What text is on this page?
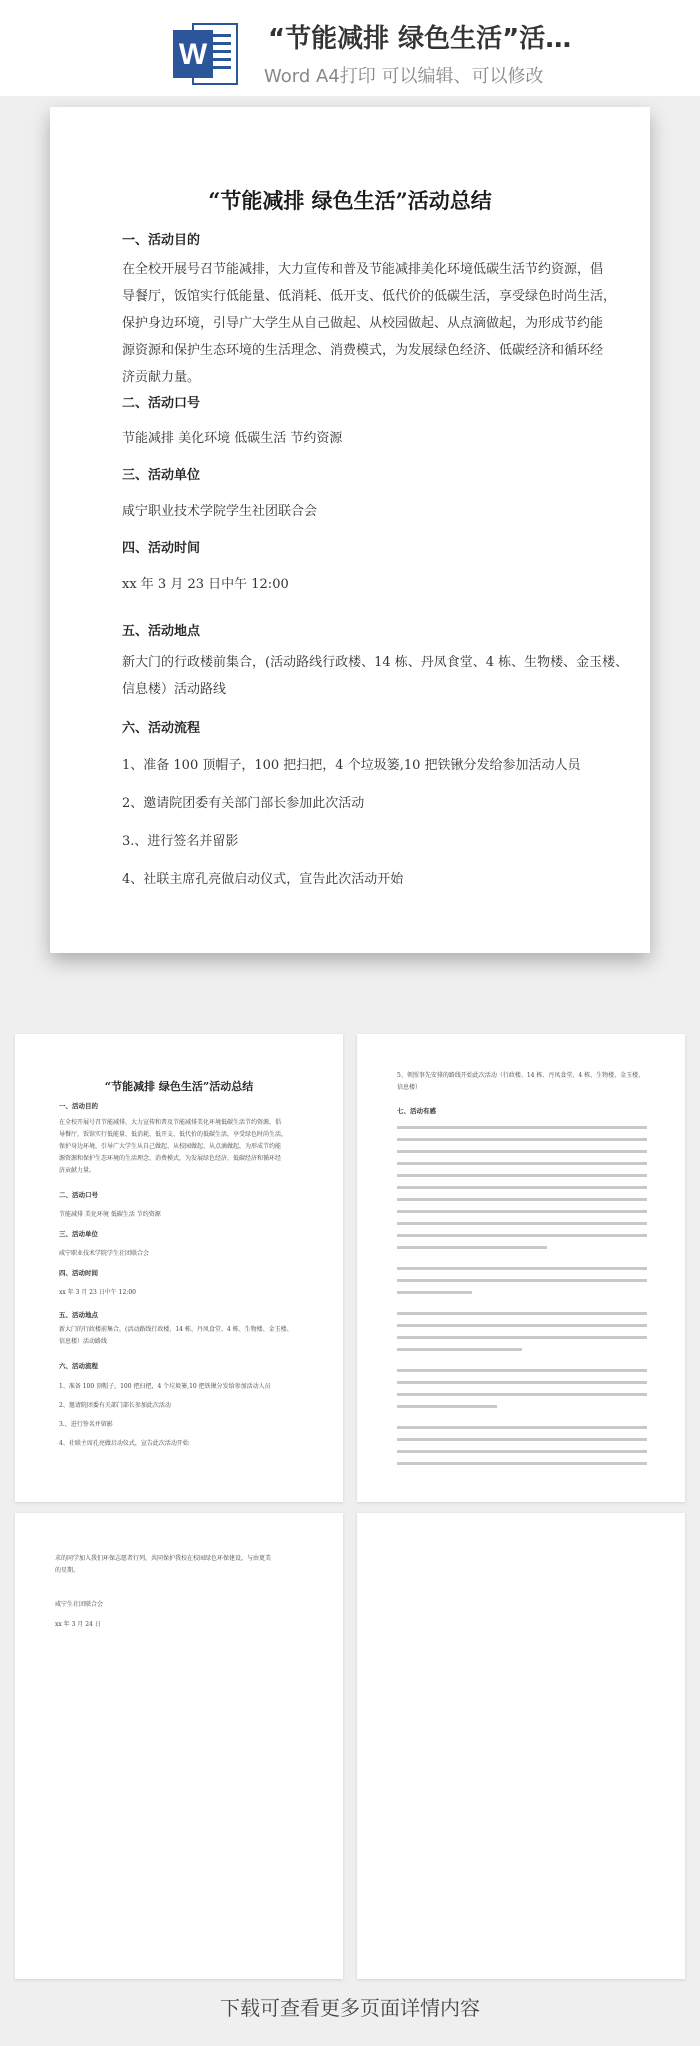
W “节能减排 绿色生活”活…
Word A4打印 可以编辑、可以修改
“节能减排 绿色生活”活动总结
一、活动目的
在全校开展号召节能减排，大力宣传和普及节能减排美化环境低碳生活节约资源，倡
导餐厅，饭馆实行低能量、低消耗、低开支、低代价的低碳生活，享受绿色时尚生活，
保护身边环境，引导广大学生从自己做起、从校园做起、从点滴做起，为形成节约能
源资源和保护生态环境的生活理念、消费模式，为发展绿色经济、低碳经济和循环经
济贡献力量。
二、活动口号
节能减排 美化环境 低碳生活 节约资源
三、活动单位
咸宁职业技术学院学生社团联合会
四、活动时间
xx 年 3 月 23 日中午 12:00
五、活动地点
新大门的行政楼前集合，(活动路线行政楼、14 栋、丹凤食堂、4 栋、生物楼、金玉楼、
信息楼）活动路线
六、活动流程
1、准备 100 顶帽子，100 把扫把，4 个垃圾篓,10 把铁锹分发给参加活动人员
2、邀请院团委有关部门部长参加此次活动
3.、进行签名并留影
4、社联主席孔亮做启动仪式，宣告此次活动开始
“节能减排 绿色生活”活动总结
一、活动目的
在全校开展号召节能减排，大力宣传和普及节能减排美化环境低碳生活节约资源，倡
导餐厅，饭馆实行低能量、低消耗、低开支、低代价的低碳生活，享受绿色时尚生活，
保护身边环境，引导广大学生从自己做起、从校园做起、从点滴做起，为形成节约能
源资源和保护生态环境的生活理念、消费模式，为发展绿色经济、低碳经济和循环经
济贡献力量。
二、活动口号
节能减排 美化环境 低碳生活 节约资源
三、活动单位
咸宁职业技术学院学生社团联合会
四、活动时间
xx 年 3 月 23 日中午 12:00
五、活动地点
新大门的行政楼前集合，(活动路线行政楼、14 栋、丹凤食堂、4 栋、生物楼、金玉楼、
信息楼）活动路线
六、活动流程
1、准备 100 顶帽子，100 把扫把，4 个垃圾篓,10 把铁锹分发给参加活动人员
2、邀请院团委有关部门部长参加此次活动
3.、进行签名并留影
4、社联主席孔亮做启动仪式，宣告此次活动开始
5、领照事先安排的路线开始此次活动（行政楼、14 栋、丹凤食堂、4 栋、生物楼、金玉楼、信息楼）
七、活动有感
求的同学加入我们环保志愿者行列，共同保护我校在校园绿色环保建设。与由更美
的星期。
咸宁生社团联合会
xx 年 3 月 24 日
下载可查看更多页面详情内容
